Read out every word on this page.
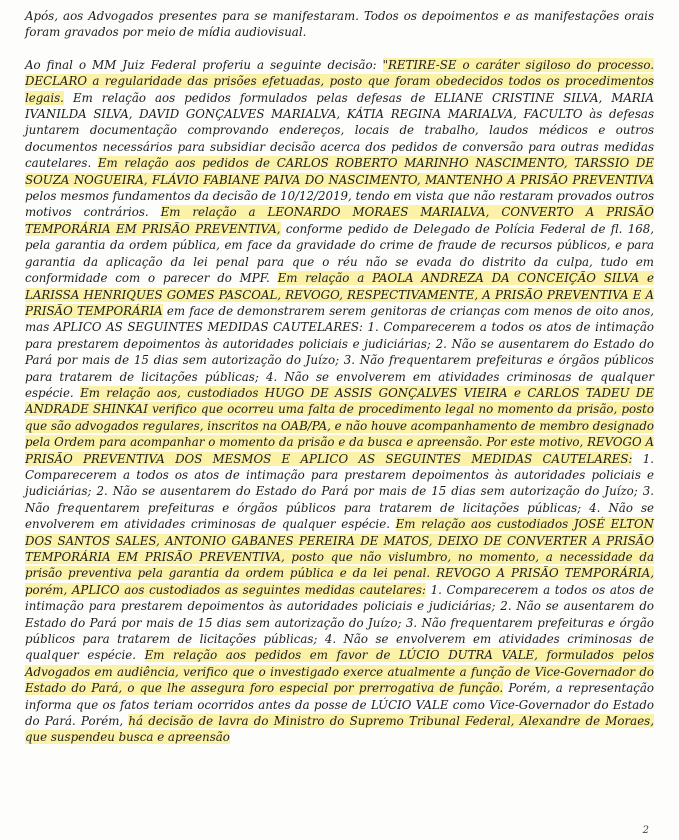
Após, aos Advogados presentes para se manifestaram. Todos os depoimentos e as manifestações orais foram gravados por meio de mídia audiovisual.

Ao final o MM Juiz Federal proferiu a seguinte decisão: "RETIRE-SE o caráter sigiloso do processo. DECLARO a regularidade das prisões efetuadas, posto que foram obedecidos todos os procedimentos legais. Em relação aos pedidos formulados pelas defesas de ELIANE CRISTINE SILVA, MARIA IVANILDA SILVA, DAVID GONÇALVES MARIALVA, KÁTIA REGINA MARIALVA, FACULTO às defesas juntarem documentação comprovando endereços, locais de trabalho, laudos médicos e outros documentos necessários para subsidiar decisão acerca dos pedidos de conversão para outras medidas cautelares. Em relação aos pedidos de CARLOS ROBERTO MARINHO NASCIMENTO, TARSSIO DE SOUZA NOGUEIRA, FLÁVIO FABIANE PAIVA DO NASCIMENTO, MANTENHO A PRISÃO PREVENTIVA pelos mesmos fundamentos da decisão de 10/12/2019, tendo em vista que não restaram provados outros motivos contrários. Em relação a LEONARDO MORAES MARIALVA, CONVERTO A PRISÃO TEMPORÁRIA EM PRISÃO PREVENTIVA, conforme pedido de Delegado de Polícia Federal de fl. 168, pela garantia da ordem pública, em face da gravidade do crime de fraude de recursos públicos, e para garantia da aplicação da lei penal para que o réu não se evada do distrito da culpa, tudo em conformidade com o parecer do MPF. Em relação a PAOLA ANDREZA DA CONCEIÇÃO SILVA e LARISSA HENRIQUES GOMES PASCOAL, REVOGO, RESPECTIVAMENTE, A PRISÃO PREVENTIVA E A PRISÃO TEMPORÁRIA em face de demonstrarem serem genitoras de crianças com menos de oito anos, mas APLICO AS SEGUINTES MEDIDAS CAUTELARES: 1. Comparecerem a todos os atos de intimação para prestarem depoimentos às autoridades policiais e judiciárias; 2. Não se ausentarem do Estado do Pará por mais de 15 dias sem autorização do Juízo; 3. Não frequentarem prefeituras e órgãos públicos para tratarem de licitações públicas; 4. Não se envolverem em atividades criminosas de qualquer espécie. Em relação aos, custodiados HUGO DE ASSIS GONÇALVES VIEIRA e CARLOS TADEU DE ANDRADE SHINKAI verifico que ocorreu uma falta de procedimento legal no momento da prisão, posto que são advogados regulares, inscritos na OAB/PA, e não houve acompanhamento de membro designado pela Ordem para acompanhar o momento da prisão e da busca e apreensão. Por este motivo, REVOGO A PRISÃO PREVENTIVA DOS MESMOS E APLICO AS SEGUINTES MEDIDAS CAUTELARES: 1. Comparecerem a todos os atos de intimação para prestarem depoimentos às autoridades policiais e judiciárias; 2. Não se ausentarem do Estado do Pará por mais de 15 dias sem autorização do Juízo; 3. Não frequentarem prefeituras e órgãos públicos para tratarem de licitações públicas; 4. Não se envolverem em atividades criminosas de qualquer espécie. Em relação aos custodiados JOSÉ ELTON DOS SANTOS SALES, ANTONIO GABANES PEREIRA DE MATOS, DEIXO DE CONVERTER A PRISÃO TEMPORÁRIA EM PRISÃO PREVENTIVA, posto que não vislumbro, no momento, a necessidade da prisão preventiva pela garantia da ordem pública e da lei penal. REVOGO A PRISÃO TEMPORÁRIA, porém, APLICO aos custodiados as seguintes medidas cautelares: 1. Comparecerem a todos os atos de intimação para prestarem depoimentos às autoridades policiais e judiciárias; 2. Não se ausentarem do Estado do Pará por mais de 15 dias sem autorização do Juízo; 3. Não frequentarem prefeituras e órgão públicos para tratarem de licitações públicas; 4. Não se envolverem em atividades criminosas de qualquer espécie. Em relação aos pedidos em favor de LÚCIO DUTRA VALE, formulados pelos Advogados em audiência, verifico que o investigado exerce atualmente a função de Vice-Governador do Estado do Pará, o que lhe assegura foro especial por prerrogativa de função. Porém, a representação informa que os fatos teriam ocorridos antes da posse de LÚCIO VALE como Vice-Governador do Estado do Pará. Porém, há decisão de lavra do Ministro do Supremo Tribunal Federal, Alexandre de Moraes, que suspendeu busca e apreensão

2
